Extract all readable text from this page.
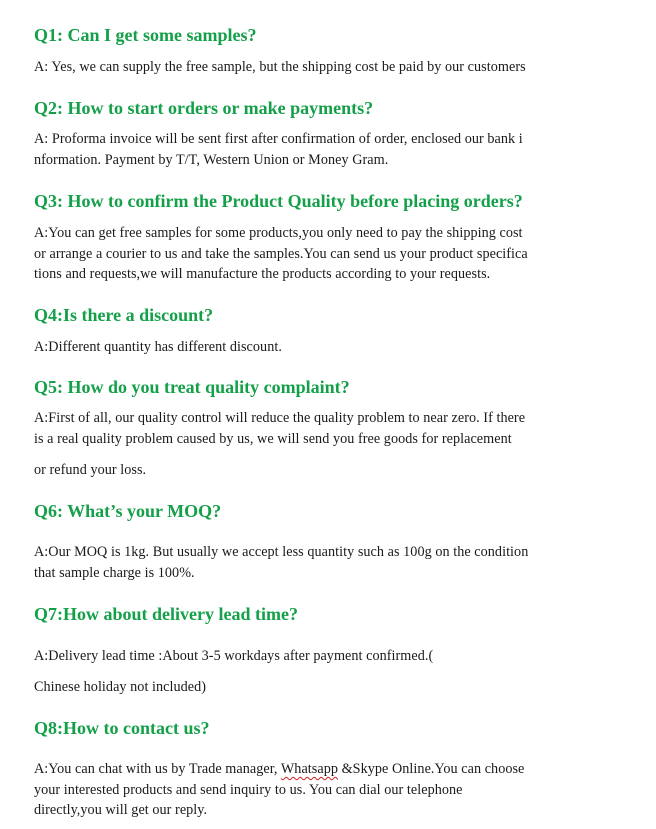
Q1: Can I get some samples?

A: Yes, we can supply the free sample, but the shipping cost be paid by our customers

Q2: How to start orders or make payments?

A: Proforma invoice will be sent first after confirmation of order, enclosed our bank i

nformation. Payment by T/T, Western Union or Money Gram.

Q3: How to confirm the Product Quality before placing orders?

A:You can get free samples for some products,you only need to pay the shipping cost

or arrange a courier to us and take the samples.You can send us your product specifica

tions and requests,we will manufacture the products according to your requests.

Q4:Is there a discount?

A:Different quantity has different discount.

Q5: How do you treat quality complaint?

A:First of all, our quality control will reduce the quality problem to near zero. If there

is a real quality problem caused by us, we will send you free goods for replacement

or refund your loss.

Q6: What’s your MOQ?

A:Our MOQ is 1kg. But usually we accept less quantity such as 100g on the condition

that sample charge is 100%.

Q7:How about delivery lead time?

A:Delivery lead time :About 3-5 workdays after payment confirmed.(

Chinese holiday not included)

Q8:How to contact us?

A:You can chat with us by Trade manager, Whatsapp &Skype Online.You can choose

your interested products and send inquiry to us. You can dial our telephone

directly,you will get our reply.
